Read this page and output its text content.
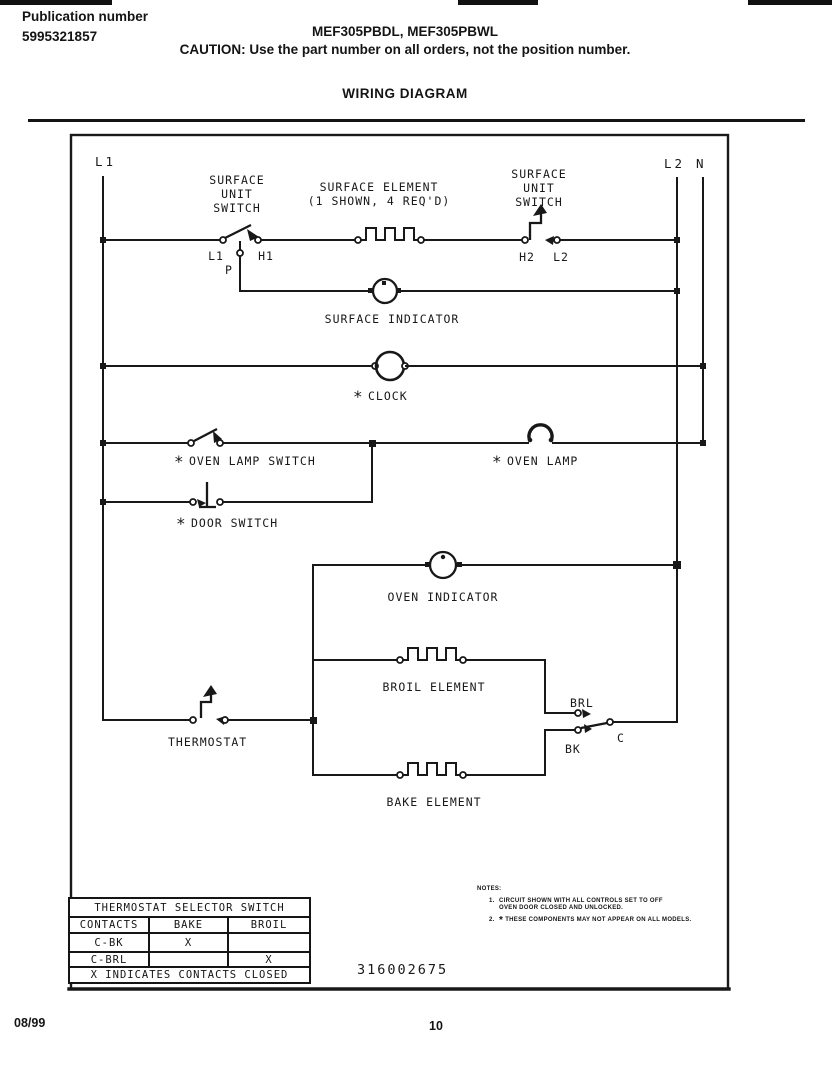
Publication number
5995321857	MEF305PBDL, MEF305PBWL
CAUTION: Use the part number on all orders, not the position number.
WIRING DIAGRAM
L1	L2 N
SURFACE
UNIT
SWITCH
SURFACE ELEMENT
(1 SHOWN, 4 REQ'D)
SURFACE
UNIT
SWITCH
L1	H1
P
H2 L2
SURFACE INDICATOR
* CLOCK
* OVEN LAMP SWITCH	* OVEN LAMP
* DOOR SWITCH
OVEN INDICATOR
BROIL ELEMENT
THERMOSTAT
BRL
BK
C
BAKE ELEMENT
316002675
THERMOSTAT SELECTOR SWITCH		
CONTACTS	BAKE	BROIL
C-BK	X	
C-BRL		X
X INDICATES CONTACTS CLOSED		
NOTES:
1. CIRCUIT SHOWN WITH ALL CONTROLS SET TO OFF
OVEN DOOR CLOSED AND UNLOCKED.
2. * THESE COMPONENTS MAY NOT APPEAR ON ALL MODELS.
08/99	10
